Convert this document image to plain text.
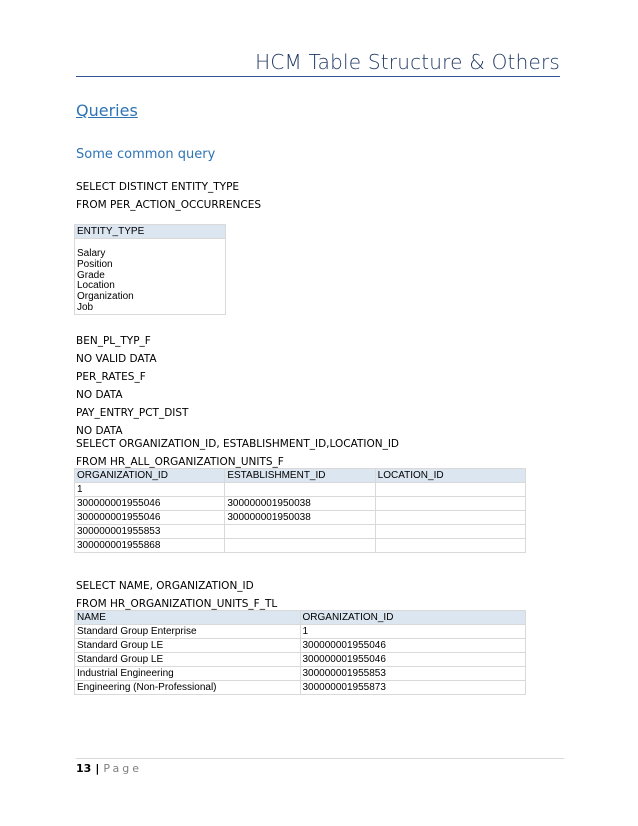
HCM Table Structure & Others
Queries
Some common query
SELECT DISTINCT ENTITY_TYPE
FROM PER_ACTION_OCCURRENCES
ENTITY_TYPE

Salary
Position
Grade
Location
Organization
Job
BEN_PL_TYP_F
NO VALID DATA
PER_RATES_F
NO DATA
PAY_ENTRY_PCT_DIST
NO DATA
SELECT ORGANIZATION_ID, ESTABLISHMENT_ID,LOCATION_ID
FROM HR_ALL_ORGANIZATION_UNITS_F
ORGANIZATION_ID	ESTABLISHMENT_ID	LOCATION_ID
1		
300000001955046	300000001950038	
300000001955046	300000001950038	
300000001955853		
300000001955868		
SELECT NAME, ORGANIZATION_ID
FROM HR_ORGANIZATION_UNITS_F_TL
NAME	ORGANIZATION_ID
Standard Group Enterprise	1
Standard Group LE	300000001955046
Standard Group LE	300000001955046
Industrial Engineering	300000001955853
Engineering (Non-Professional)	300000001955873
13 | Page
